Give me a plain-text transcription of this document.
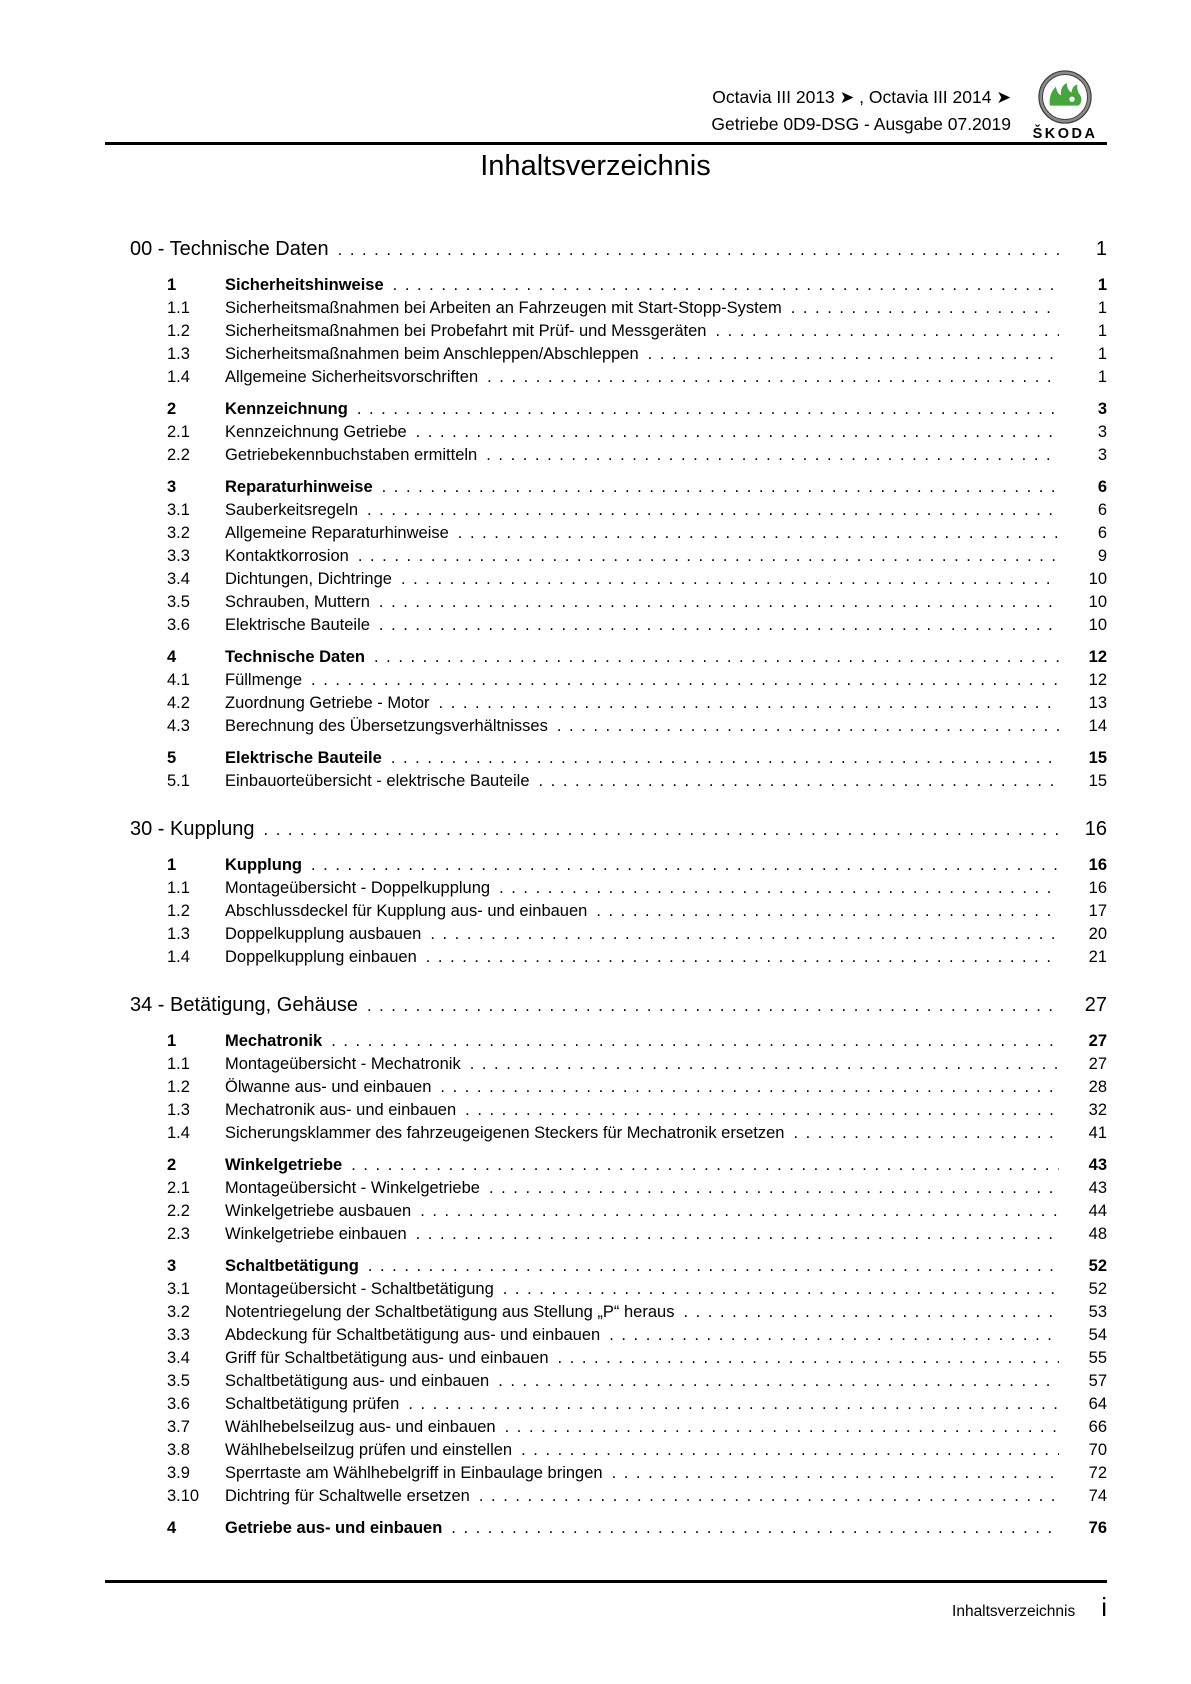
Octavia III 2013 ➤ , Octavia III 2014 ➤
Getriebe 0D9-DSG - Ausgabe 07.2019 ŠKODA
Inhaltsverzeichnis
00 - Technische Daten . . .	1
1	Sicherheitshinweise . . .	1
1.1	Sicherheitsmaßnahmen bei Arbeiten an Fahrzeugen mit Start-Stopp-System . . .	1
1.2	Sicherheitsmaßnahmen bei Probefahrt mit Prüf- und Messgeräten . . .	1
1.3	Sicherheitsmaßnahmen beim Anschleppen/Abschleppen . . .	1
1.4	Allgemeine Sicherheitsvorschriften . . .	1
2	Kennzeichnung . . .	3
2.1	Kennzeichnung Getriebe . . .	3
2.2	Getriebekennbuchstaben ermitteln . . .	3
3	Reparaturhinweise . . .	6
3.1	Sauberkeitsregeln . . .	6
3.2	Allgemeine Reparaturhinweise . . .	6
3.3	Kontaktkorrosion . . .	9
3.4	Dichtungen, Dichtringe . . .	10
3.5	Schrauben, Muttern . . .	10
3.6	Elektrische Bauteile . . .	10
4	Technische Daten . . .	12
4.1	Füllmenge . . .	12
4.2	Zuordnung Getriebe - Motor . . .	13
4.3	Berechnung des Übersetzungsverhältnisses . . .	14
5	Elektrische Bauteile . . .	15
5.1	Einbauorteübersicht - elektrische Bauteile . . .	15
30 - Kupplung . . .	16
1	Kupplung . . .	16
1.1	Montageübersicht - Doppelkupplung . . .	16
1.2	Abschlussdeckel für Kupplung aus- und einbauen . . .	17
1.3	Doppelkupplung ausbauen . . .	20
1.4	Doppelkupplung einbauen . . .	21
34 - Betätigung, Gehäuse . . .	27
1	Mechatronik . . .	27
1.1	Montageübersicht - Mechatronik . . .	27
1.2	Ölwanne aus- und einbauen . . .	28
1.3	Mechatronik aus- und einbauen . . .	32
1.4	Sicherungsklammer des fahrzeugeigenen Steckers für Mechatronik ersetzen . . .	41
2	Winkelgetriebe . . .	43
2.1	Montageübersicht - Winkelgetriebe . . .	43
2.2	Winkelgetriebe ausbauen . . .	44
2.3	Winkelgetriebe einbauen . . .	48
3	Schaltbetätigung . . .	52
3.1	Montageübersicht - Schaltbetätigung . . .	52
3.2	Notentriegelung der Schaltbetätigung aus Stellung „P“ heraus . . .	53
3.3	Abdeckung für Schaltbetätigung aus- und einbauen . . .	54
3.4	Griff für Schaltbetätigung aus- und einbauen . . .	55
3.5	Schaltbetätigung aus- und einbauen . . .	57
3.6	Schaltbetätigung prüfen . . .	64
3.7	Wählhebelseilzug aus- und einbauen . . .	66
3.8	Wählhebelseilzug prüfen und einstellen . . .	70
3.9	Sperrtaste am Wählhebelgriff in Einbaulage bringen . . .	72
3.10	Dichtring für Schaltwelle ersetzen . . .	74
4	Getriebe aus- und einbauen . . .	76
Inhaltsverzeichnis i
